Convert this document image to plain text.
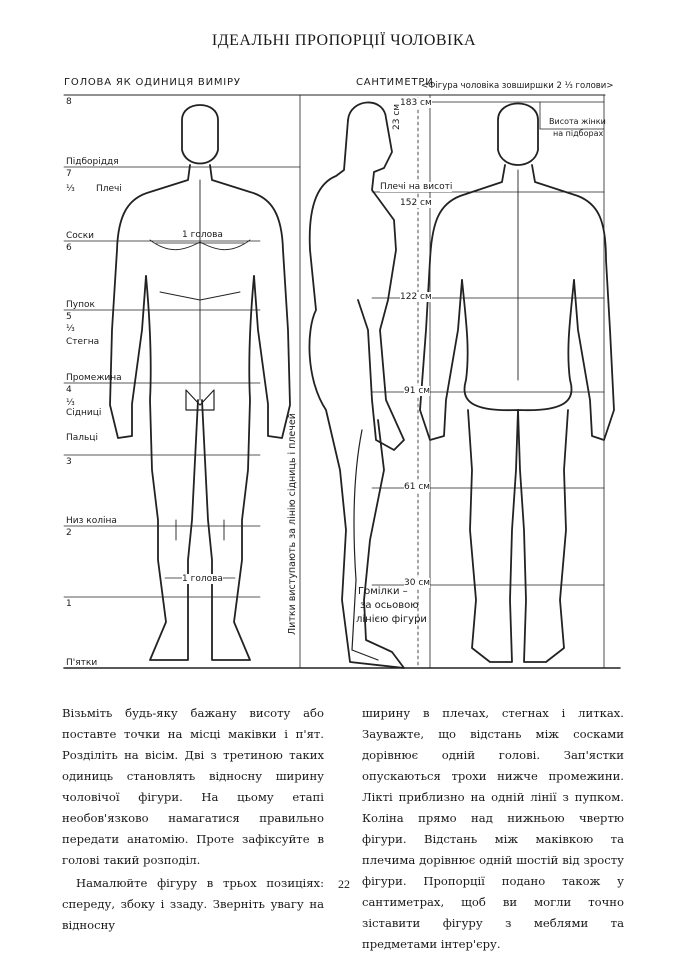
ІДЕАЛЬНІ ПРОПОРЦІЇ ЧОЛОВІКА
ГОЛОВА ЯК ОДИНИЦЯ ВИМІРУ	САНТИМЕТРИ
<Фігура чоловіка зовширшки 2 ⅓ голови>
8
Підборіддя
7
⅓ Плечі
Соски
6
Пупок
5
⅓
Стегна
Промежина
4
⅓
Сідниці
Пальці
3
Низ коліна
2
1
П'ятки
1 голова
1 голова
183 см
23 см
Плечі на висоті
152 см
122 см
91 см
61 см
30 см
Литки виступають за лінію сідниць і плечей	Гомілки –
за осьовою
лінією фігури
Висота жінки
на підборах

Візьміть будь-яку бажану висоту або поставте точки на місці маківки і п'ят. Розділіть на вісім. Дві з третиною таких одиниць становлять відносну ширину чоловічої фігури. На цьому етапі необов'язково намагатися правильно передати анатомію. Проте зафіксуйте в голові такий розподіл.

Намалюйте фігуру в трьох позиціях: спереду, збоку і ззаду. Зверніть увагу на відносну

ширину в плечах, стегнах і литках. Зауважте, що відстань між сосками дорівнює одній голові. Зап'ястки опускаються трохи нижче промежини. Лікті приблизно на одній лінії з пупком. Коліна прямо над нижньою чвертю фігури. Відстань між маківкою та плечима дорівнює одній шостій від зросту фігури. Пропорції подано також у сантиметрах, щоб ви могли точно зіставити фігуру з меблями та предметами інтер'єру.

22
